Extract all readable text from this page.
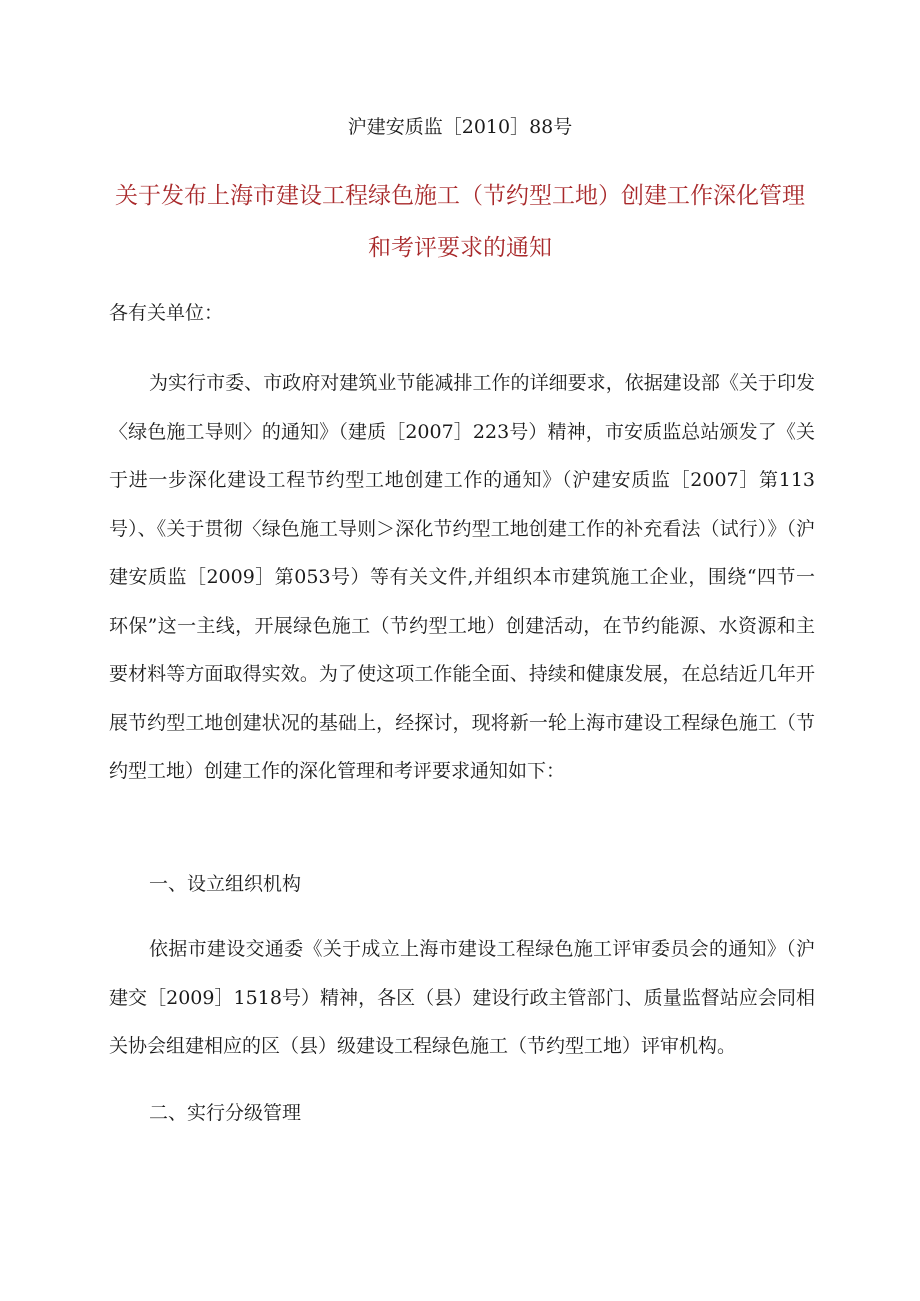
沪建安质监［2010］88号
关于发布上海市建设工程绿色施工（节约型工地）创建工作深化管理和考评要求的通知
各有关单位：

为实行市委、市政府对建筑业节能减排工作的详细要求，依据建设部《关于印发〈绿色施工导则〉的通知》（建质［2007］223号）精神，市安质监总站颁发了《关于进一步深化建设工程节约型工地创建工作的通知》（沪建安质监［2007］第113号）、《关于贯彻〈绿色施工导则＞深化节约型工地创建工作的补充看法（试行）》（沪建安质监［2009］第053号）等有关文件,并组织本市建筑施工企业，围绕“四节一环保”这一主线，开展绿色施工（节约型工地）创建活动，在节约能源、水资源和主要材料等方面取得实效。为了使这项工作能全面、持续和健康发展，在总结近几年开展节约型工地创建状况的基础上，经探讨，现将新一轮上海市建设工程绿色施工（节约型工地）创建工作的深化管理和考评要求通知如下：

一、设立组织机构

依据市建设交通委《关于成立上海市建设工程绿色施工评审委员会的通知》（沪建交［2009］1518号）精神，各区（县）建设行政主管部门、质量监督站应会同相关协会组建相应的区（县）级建设工程绿色施工（节约型工地）评审机构。

二、实行分级管理
